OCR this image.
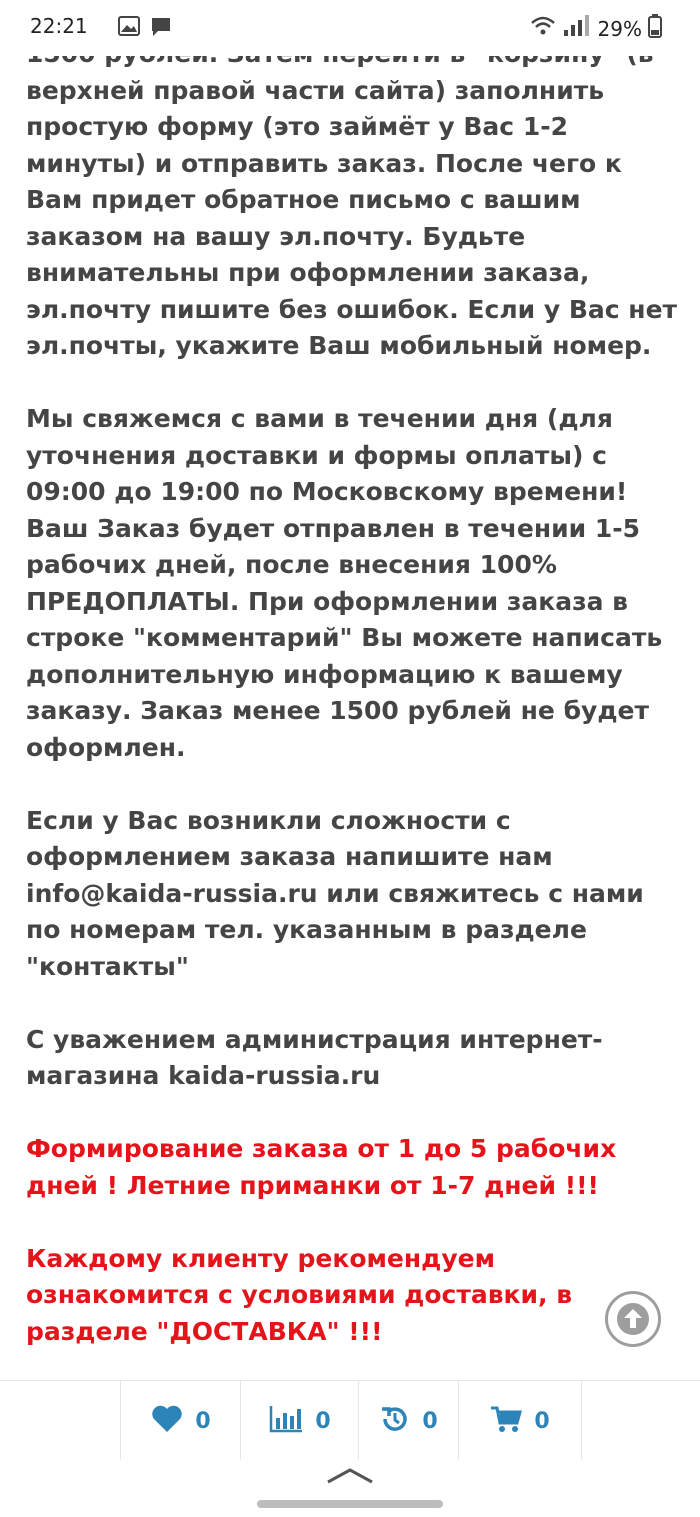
22:21	29%

верхней правой части сайта) заполнить простую форму (это займёт у Вас 1-2 минуты) и отправить заказ. После чего к Вам придет обратное письмо с вашим заказом на вашу эл.почту. Будьте внимательны при оформлении заказа, эл.почту пишите без ошибок. Если у Вас нет эл.почты, укажите Ваш мобильный номер.

Мы свяжемся с вами в течении дня (для уточнения доставки и формы оплаты) с 09:00 до 19:00 по Московскому времени! Ваш Заказ будет отправлен в течении 1-5 рабочих дней, после внесения 100% ПРЕДОПЛАТЫ. При оформлении заказа в строке "комментарий" Вы можете написать дополнительную информацию к вашему заказу. Заказ менее 1500 рублей не будет оформлен.

Если у Вас возникли сложности с оформлением заказа напишите нам info@kaida-russia.ru или свяжитесь с нами по номерам тел. указанным в разделе "контакты"

С уважением администрация интернет-магазина kaida-russia.ru

Формирование заказа от 1 до 5 рабочих дней ! Летние приманки от 1-7 дней !!!

Каждому клиенту рекомендуем ознакомится с условиями доставки, в разделе "ДОСТАВКА" !!!

0	0	0	0
